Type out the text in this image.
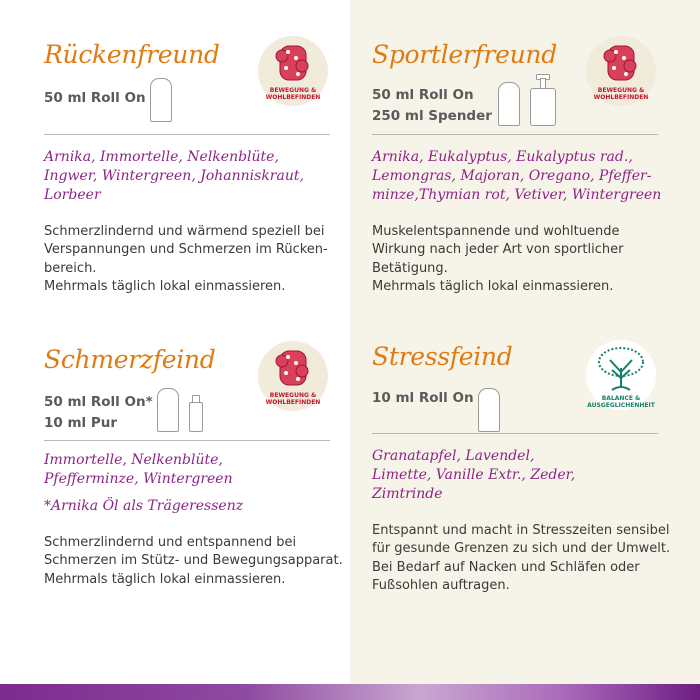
Rückenfreund
50 ml Roll On	BEWEGUNG &
WOHLBEFINDEN
Arnika, Immortelle, Nelkenblüte,
Ingwer, Wintergreen, Johanniskraut,
Lorbeer
Schmerzlindernd und wärmend speziell bei
Verspannungen und Schmerzen im Rücken-
bereich.
Mehrmals täglich lokal einmassieren.
Sportlerfreund
50 ml Roll On
250 ml Spender
BEWEGUNG &
WOHLBEFINDEN
Arnika, Eukalyptus, Eukalyptus rad.,
Lemongras, Majoran, Oregano, Pfeffer-
minze,Thymian rot, Vetiver, Wintergreen
Muskelentspannende und wohltuende
Wirkung nach jeder Art von sportlicher
Betätigung.
Mehrmals täglich lokal einmassieren.
Schmerzfeind
50 ml Roll On*
10 ml Pur
BEWEGUNG &
WOHLBEFINDEN
Immortelle, Nelkenblüte,
Pfefferminze, Wintergreen
*Arnika Öl als Trägeressenz
Schmerzlindernd und entspannend bei
Schmerzen im Stütz- und Bewegungsapparat.
Mehrmals täglich lokal einmassieren.
Stressfeind
10 ml Roll On	BALANCE &
AUSGEGLICHENHEIT
Granatapfel, Lavendel,
Limette, Vanille Extr., Zeder,
Zimtrinde
Entspannt und macht in Stresszeiten sensibel
für gesunde Grenzen zu sich und der Umwelt.
Bei Bedarf auf Nacken und Schläfen oder
Fußsohlen auftragen.
